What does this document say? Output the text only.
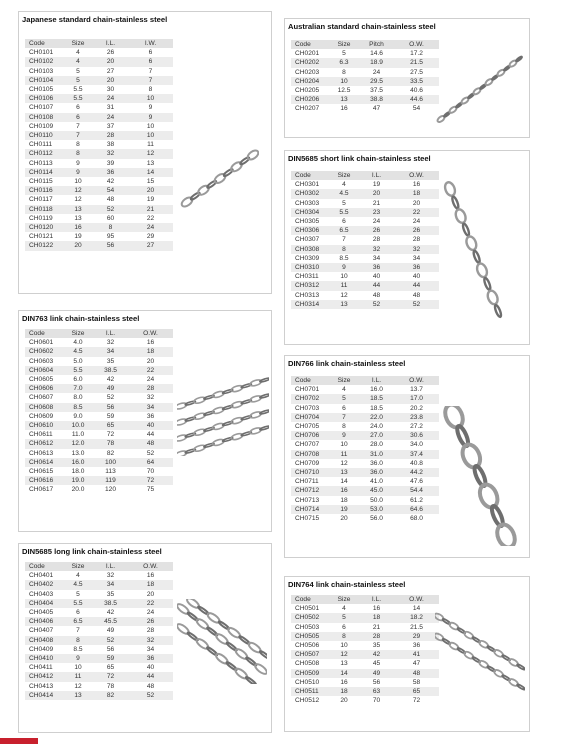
Japanese standard chain-stainless steel
Code	Size	I.L.	I.W.
CH0101	4	26	6
CH0102	4	20	6
CH0103	5	27	7
CH0104	5	20	7
CH0105	5.5	30	8
CH0106	5.5	24	10
CH0107	6	31	9
CH0108	6	24	9
CH0109	7	37	10
CH0110	7	28	10
CH0111	8	38	11
CH0112	8	32	12
CH0113	9	39	13
CH0114	9	36	14
CH0115	10	42	15
CH0116	12	54	20
CH0117	12	48	19
CH0118	13	52	21
CH0119	13	60	22
CH0120	16	8	24
CH0121	19	95	29
CH0122	20	56	27
Australian standard chain-stainless steel
Code	Size	Pitch	O.W.
CH0201	5	14.6	17.2
CH0202	6.3	18.9	21.5
CH0203	8	24	27.5
CH0204	10	29.5	33.5
CH0205	12.5	37.5	40.6
CH0206	13	38.8	44.6
CH0207	16	47	54
DIN5685 short link chain-stainless steel
Code	Size	I.L.	O.W.
CH0301	4	19	16
CH0302	4.5	20	18
CH0303	5	21	20
CH0304	5.5	23	22
CH0305	6	24	24
CH0306	6.5	26	26
CH0307	7	28	28
CH0308	8	32	32
CH0309	8.5	34	34
CH0310	9	36	36
CH0311	10	40	40
CH0312	11	44	44
CH0313	12	48	48
CH0314	13	52	52
DIN763 link chain-stainless steel
Code	Size	I.L.	O.W.
CH0601	4.0	32	16
CH0602	4.5	34	18
CH0603	5.0	35	20
CH0604	5.5	38.5	22
CH0605	6.0	42	24
CH0606	7.0	49	28
CH0607	8.0	52	32
CH0608	8.5	56	34
CH0609	9.0	59	36
CH0610	10.0	65	40
CH0611	11.0	72	44
CH0612	12.0	78	48
CH0613	13.0	82	52
CH0614	16.0	100	64
CH0615	18.0	113	70
CH0616	19.0	119	72
CH0617	20.0	120	75
DIN766 link chain-stainless steel
Code	Size	I.L.	O.W.
CH0701	4	16.0	13.7
CH0702	5	18.5	17.0
CH0703	6	18.5	20.2
CH0704	7	22.0	23.8
CH0705	8	24.0	27.2
CH0706	9	27.0	30.6
CH0707	10	28.0	34.0
CH0708	11	31.0	37.4
CH0709	12	36.0	40.8
CH0710	13	36.0	44.2
CH0711	14	41.0	47.6
CH0712	16	45.0	54.4
CH0713	18	50.0	61.2
CH0714	19	53.0	64.6
CH0715	20	56.0	68.0
DIN5685 long link chain-stainless steel
Code	Size	I.L.	O.W.
CH0401	4	32	16
CH0402	4.5	34	18
CH0403	5	35	20
CH0404	5.5	38.5	22
CH0405	6	42	24
CH0406	6.5	45.5	26
CH0407	7	49	28
CH0408	8	52	32
CH0409	8.5	56	34
CH0410	9	59	36
CH0411	10	65	40
CH0412	11	72	44
CH0413	12	78	48
CH0414	13	82	52
DIN764 link chain-stainless steel
Code	Size	I.L.	O.W.
CH0501	4	16	14
CH0502	5	18	18.2
CH0503	6	21	21.5
CH0505	8	28	29
CH0506	10	35	36
CH0507	12	42	41
CH0508	13	45	47
CH0509	14	49	48
CH0510	16	56	58
CH0511	18	63	65
CH0512	20	70	72
